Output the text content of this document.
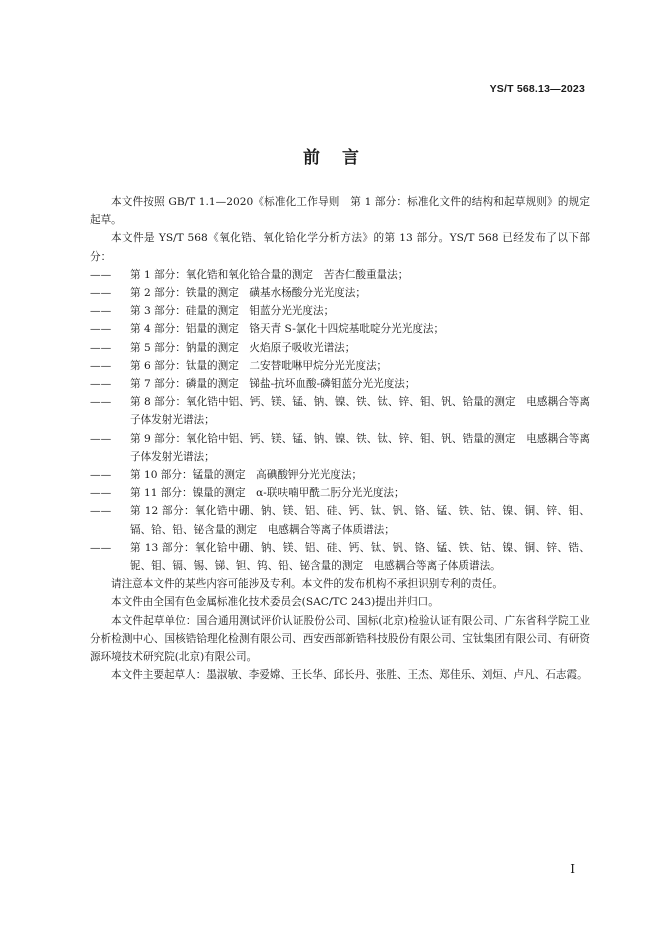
YS/T 568.13—2023
前言

本文件按照 GB/T 1.1—2020《标准化工作导则　第 1 部分：标准化文件的结构和起草规则》的规定起草。

本文件是 YS/T 568《氧化锆、氧化铪化学分析方法》的第 13 部分。YS/T 568 已经发布了以下部分：

—— 第 1 部分：氧化锆和氧化铪合量的测定　苦杏仁酸重量法；

—— 第 2 部分：铁量的测定　磺基水杨酸分光光度法；

—— 第 3 部分：硅量的测定　钼蓝分光光度法；

—— 第 4 部分：铝量的测定　铬天青 S-氯化十四烷基吡啶分光光度法；

—— 第 5 部分：钠量的测定　火焰原子吸收光谱法；

—— 第 6 部分：钛量的测定　二安替吡啉甲烷分光光度法；

—— 第 7 部分：磷量的测定　锑盐-抗坏血酸-磷钼蓝分光光度法；

—— 第 8 部分：氧化锆中铝、钙、镁、锰、钠、镍、铁、钛、锌、钼、钒、铪量的测定　电感耦合等离子体发射光谱法；

—— 第 9 部分：氧化铪中铝、钙、镁、锰、钠、镍、铁、钛、锌、钼、钒、锆量的测定　电感耦合等离子体发射光谱法；

—— 第 10 部分：锰量的测定　高碘酸钾分光光度法；

—— 第 11 部分：镍量的测定　α-联呋喃甲酰二肟分光光度法；

—— 第 12 部分：氧化锆中硼、钠、镁、铝、硅、钙、钛、钒、铬、锰、铁、钴、镍、铜、锌、钼、镉、铪、铅、铋含量的测定　电感耦合等离子体质谱法；

—— 第 13 部分：氧化铪中硼、钠、镁、铝、硅、钙、钛、钒、铬、锰、铁、钴、镍、铜、锌、锆、铌、钼、镉、锡、锑、钽、钨、铅、铋含量的测定　电感耦合等离子体质谱法。

请注意本文件的某些内容可能涉及专利。本文件的发布机构不承担识别专利的责任。

本文件由全国有色金属标准化技术委员会(SAC/TC 243)提出并归口。

本文件起草单位：国合通用测试评价认证股份公司、国标(北京)检验认证有限公司、广东省科学院工业分析检测中心、国核锆铪理化检测有限公司、西安西部新锆科技股份有限公司、宝钛集团有限公司、有研资源环境技术研究院(北京)有限公司。

本文件主要起草人：墨淑敏、李爱嫦、王长华、邱长丹、张胜、王杰、郑佳乐、刘烜、卢凡、石志霞。

I
